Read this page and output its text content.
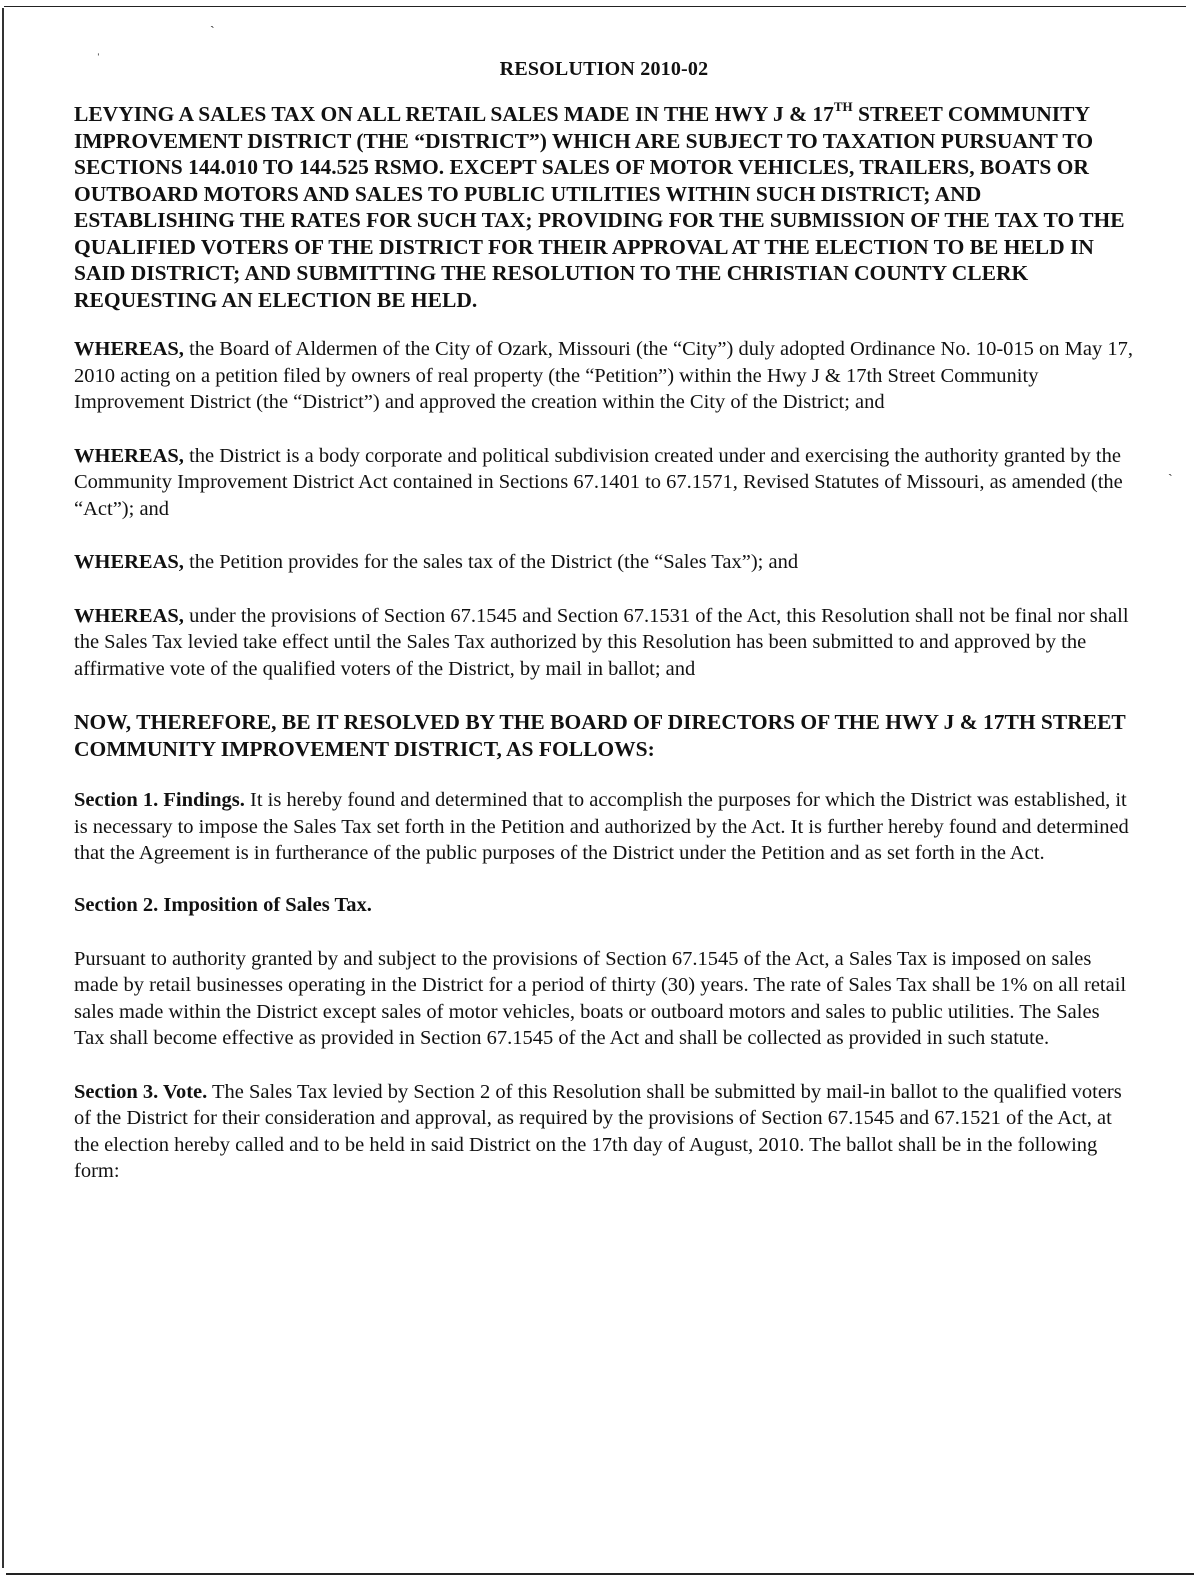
ˏ
ˈ
ˎ
RESOLUTION 2010-02
LEVYING A SALES TAX ON ALL RETAIL SALES MADE IN THE HWY J & 17TH STREET COMMUNITY IMPROVEMENT DISTRICT (THE “DISTRICT”) WHICH ARE SUBJECT TO TAXATION PURSUANT TO SECTIONS 144.010 TO 144.525 RSMO. EXCEPT SALES OF MOTOR VEHICLES, TRAILERS, BOATS OR OUTBOARD MOTORS AND SALES TO PUBLIC UTILITIES WITHIN SUCH DISTRICT; AND ESTABLISHING THE RATES FOR SUCH TAX; PROVIDING FOR THE SUBMISSION OF THE TAX TO THE QUALIFIED VOTERS OF THE DISTRICT FOR THEIR APPROVAL AT THE ELECTION TO BE HELD IN SAID DISTRICT; AND SUBMITTING THE RESOLUTION TO THE CHRISTIAN COUNTY CLERK REQUESTING AN ELECTION BE HELD.

WHEREAS, the Board of Aldermen of the City of Ozark, Missouri (the “City”) duly adopted Ordinance No. 10-015 on May 17, 2010 acting on a petition filed by owners of real property (the “Petition”) within the Hwy J & 17th Street Community Improvement District (the “District”) and approved the creation within the City of the District; and

WHEREAS, the District is a body corporate and political subdivision created under and exercising the authority granted by the Community Improvement District Act contained in Sections 67.1401 to 67.1571, Revised Statutes of Missouri, as amended (the “Act”); and

WHEREAS, the Petition provides for the sales tax of the District (the “Sales Tax”); and

WHEREAS, under the provisions of Section 67.1545 and Section 67.1531 of the Act, this Resolution shall not be final nor shall the Sales Tax levied take effect until the Sales Tax authorized by this Resolution has been submitted to and approved by the affirmative vote of the qualified voters of the District, by mail in ballot; and

NOW, THEREFORE, BE IT RESOLVED BY THE BOARD OF DIRECTORS OF THE HWY J & 17TH STREET COMMUNITY IMPROVEMENT DISTRICT, AS FOLLOWS:

Section 1. Findings. It is hereby found and determined that to accomplish the purposes for which the District was established, it is necessary to impose the Sales Tax set forth in the Petition and authorized by the Act. It is further hereby found and determined that the Agreement is in furtherance of the public purposes of the District under the Petition and as set forth in the Act.

Section 2. Imposition of Sales Tax.

Pursuant to authority granted by and subject to the provisions of Section 67.1545 of the Act, a Sales Tax is imposed on sales made by retail businesses operating in the District for a period of thirty (30) years. The rate of Sales Tax shall be 1% on all retail sales made within the District except sales of motor vehicles, boats or outboard motors and sales to public utilities. The Sales Tax shall become effective as provided in Section 67.1545 of the Act and shall be collected as provided in such statute.

Section 3. Vote. The Sales Tax levied by Section 2 of this Resolution shall be submitted by mail-in ballot to the qualified voters of the District for their consideration and approval, as required by the provisions of Section 67.1545 and 67.1521 of the Act, at the election hereby called and to be held in said District on the 17th day of August, 2010. The ballot shall be in the following form:
